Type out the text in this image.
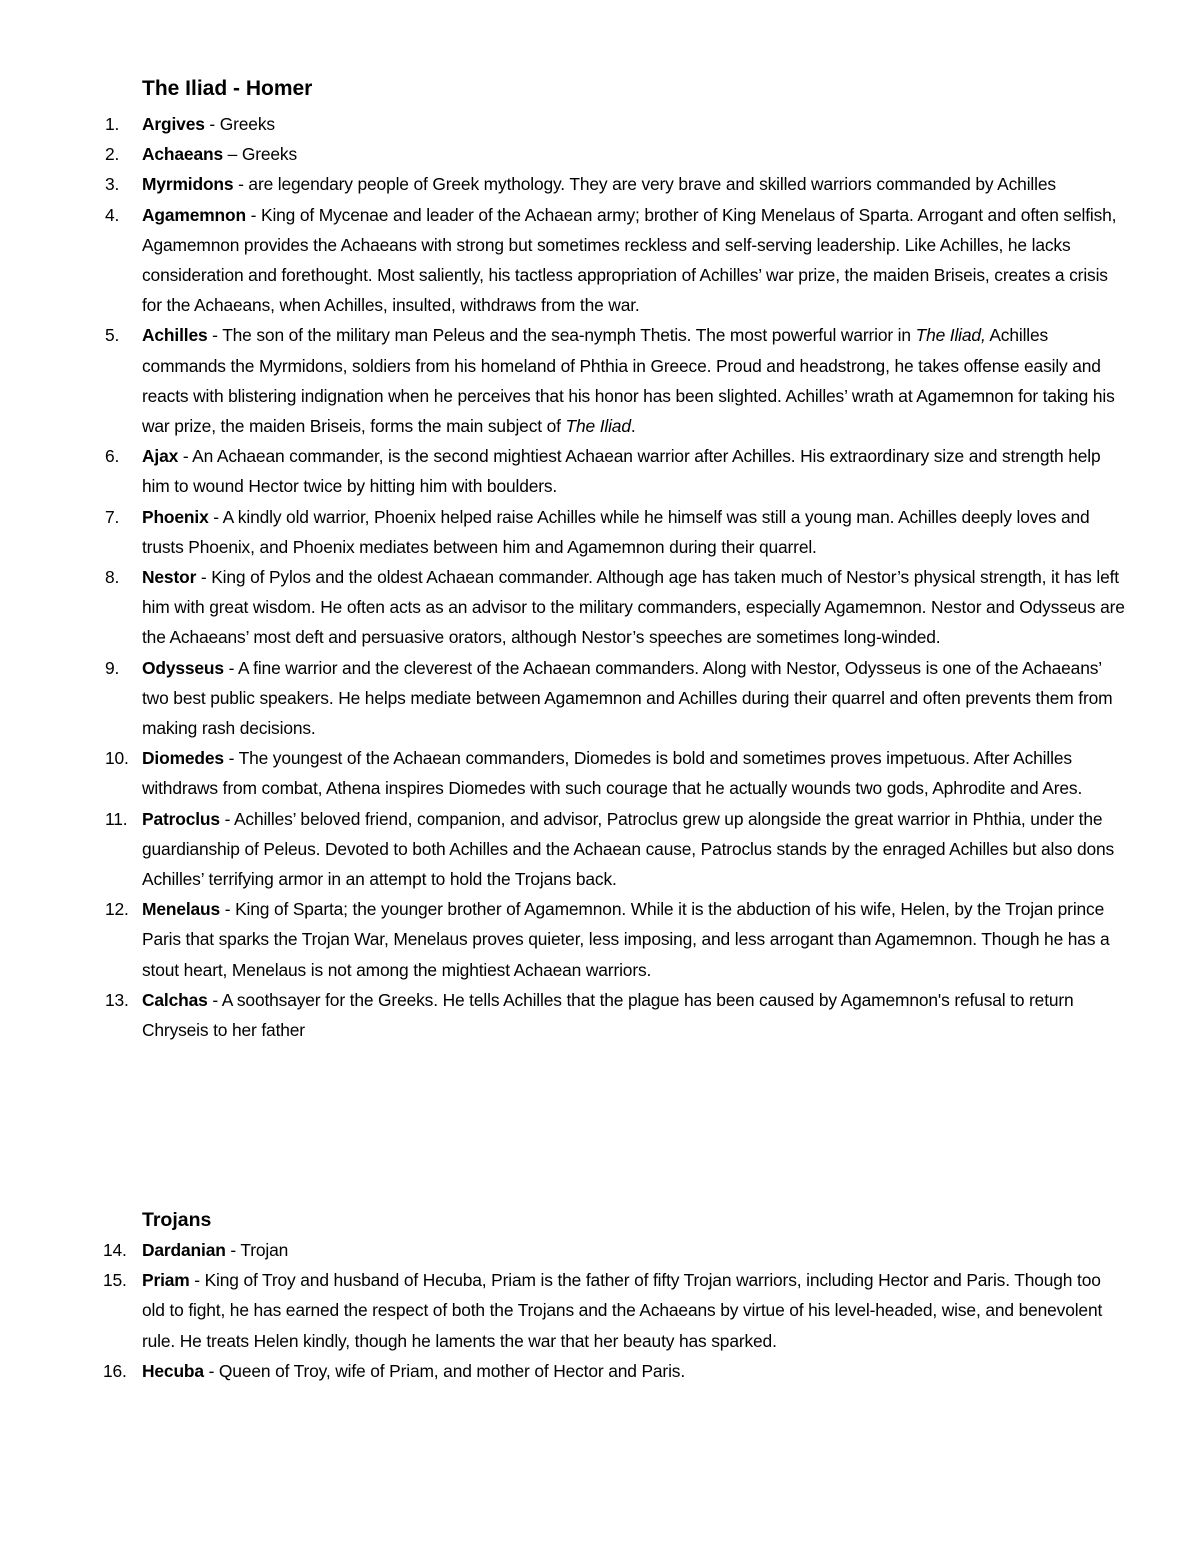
The Iliad - Homer
1.	Argives - Greeks
2.	Achaeans – Greeks
3.	Myrmidons - are legendary people of Greek mythology. They are very brave and skilled warriors commanded by Achilles
4.	Agamemnon - King of Mycenae and leader of the Achaean army; brother of King Menelaus of Sparta. Arrogant and often selfish, Agamemnon provides the Achaeans with strong but sometimes reckless and self-serving leadership. Like Achilles, he lacks consideration and forethought. Most saliently, his tactless appropriation of Achilles’ war prize, the maiden Briseis, creates a crisis for the Achaeans, when Achilles, insulted, withdraws from the war.
5.	Achilles - The son of the military man Peleus and the sea-nymph Thetis. The most powerful warrior in The Iliad, Achilles commands the Myrmidons, soldiers from his homeland of Phthia in Greece. Proud and headstrong, he takes offense easily and reacts with blistering indignation when he perceives that his honor has been slighted. Achilles’ wrath at Agamemnon for taking his war prize, the maiden Briseis, forms the main subject of The Iliad.
6.	Ajax - An Achaean commander, is the second mightiest Achaean warrior after Achilles. His extraordinary size and strength help him to wound Hector twice by hitting him with boulders.
7.	Phoenix - A kindly old warrior, Phoenix helped raise Achilles while he himself was still a young man. Achilles deeply loves and trusts Phoenix, and Phoenix mediates between him and Agamemnon during their quarrel.
8.	Nestor - King of Pylos and the oldest Achaean commander. Although age has taken much of Nestor’s physical strength, it has left him with great wisdom. He often acts as an advisor to the military commanders, especially Agamemnon. Nestor and Odysseus are the Achaeans’ most deft and persuasive orators, although Nestor’s speeches are sometimes long-winded.
9.	Odysseus - A fine warrior and the cleverest of the Achaean commanders. Along with Nestor, Odysseus is one of the Achaeans’ two best public speakers. He helps mediate between Agamemnon and Achilles during their quarrel and often prevents them from making rash decisions.
10. Diomedes - The youngest of the Achaean commanders, Diomedes is bold and sometimes proves impetuous. After Achilles withdraws from combat, Athena inspires Diomedes with such courage that he actually wounds two gods, Aphrodite and Ares.
11. Patroclus - Achilles’ beloved friend, companion, and advisor, Patroclus grew up alongside the great warrior in Phthia, under the guardianship of Peleus. Devoted to both Achilles and the Achaean cause, Patroclus stands by the enraged Achilles but also dons Achilles’ terrifying armor in an attempt to hold the Trojans back.
12. Menelaus - King of Sparta; the younger brother of Agamemnon. While it is the abduction of his wife, Helen, by the Trojan prince Paris that sparks the Trojan War, Menelaus proves quieter, less imposing, and less arrogant than Agamemnon. Though he has a stout heart, Menelaus is not among the mightiest Achaean warriors.
13. Calchas - A soothsayer for the Greeks. He tells Achilles that the plague has been caused by Agamemnon's refusal to return Chryseis to her father
Trojans
14. Dardanian - Trojan
15. Priam - King of Troy and husband of Hecuba, Priam is the father of fifty Trojan warriors, including Hector and Paris. Though too old to fight, he has earned the respect of both the Trojans and the Achaeans by virtue of his level-headed, wise, and benevolent rule. He treats Helen kindly, though he laments the war that her beauty has sparked.
16. Hecuba - Queen of Troy, wife of Priam, and mother of Hector and Paris.
